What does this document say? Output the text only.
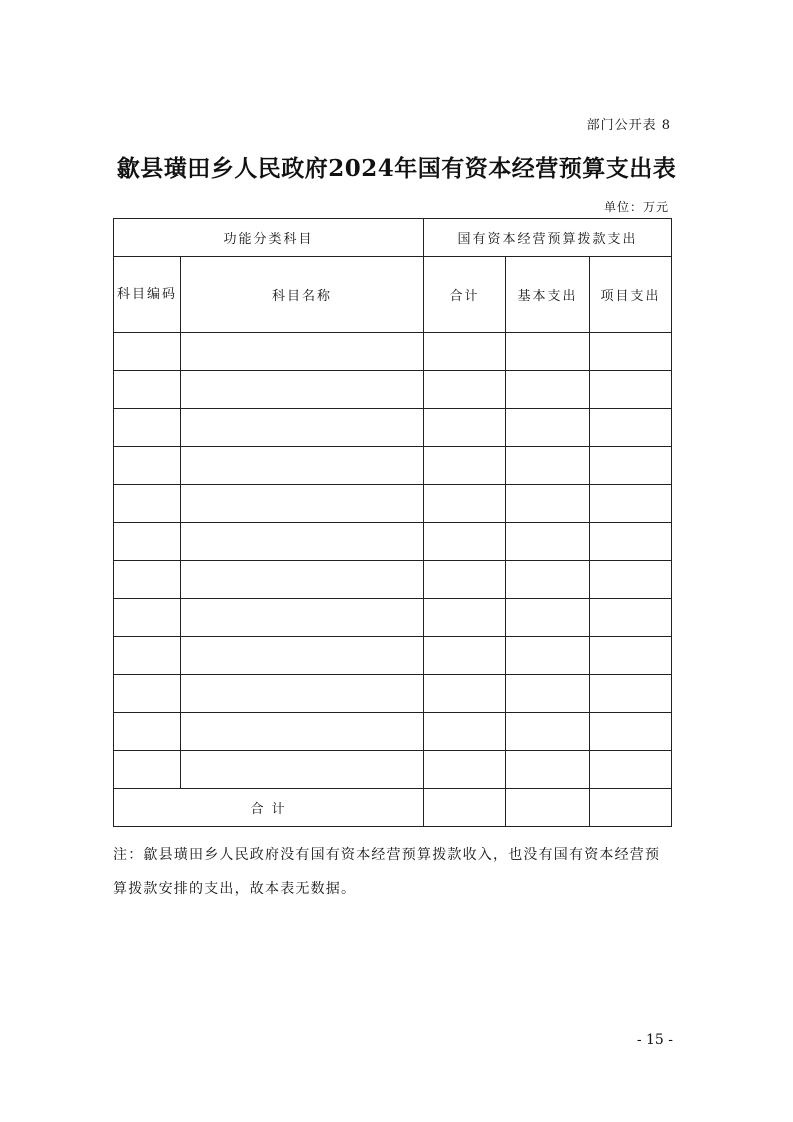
部门公开表 8
歙县璜田乡人民政府2024年国有资本经营预算支出表
单位：万元
功能分类科目		国有资本经营预算拨款支出		
科目编码	科目名称	合计	基本支出	项目支出

合 计				
注：歙县璜田乡人民政府没有国有资本经营预算拨款收入，也没有国有资本经营预算拨款安排的支出，故本表无数据。
- 15 -
